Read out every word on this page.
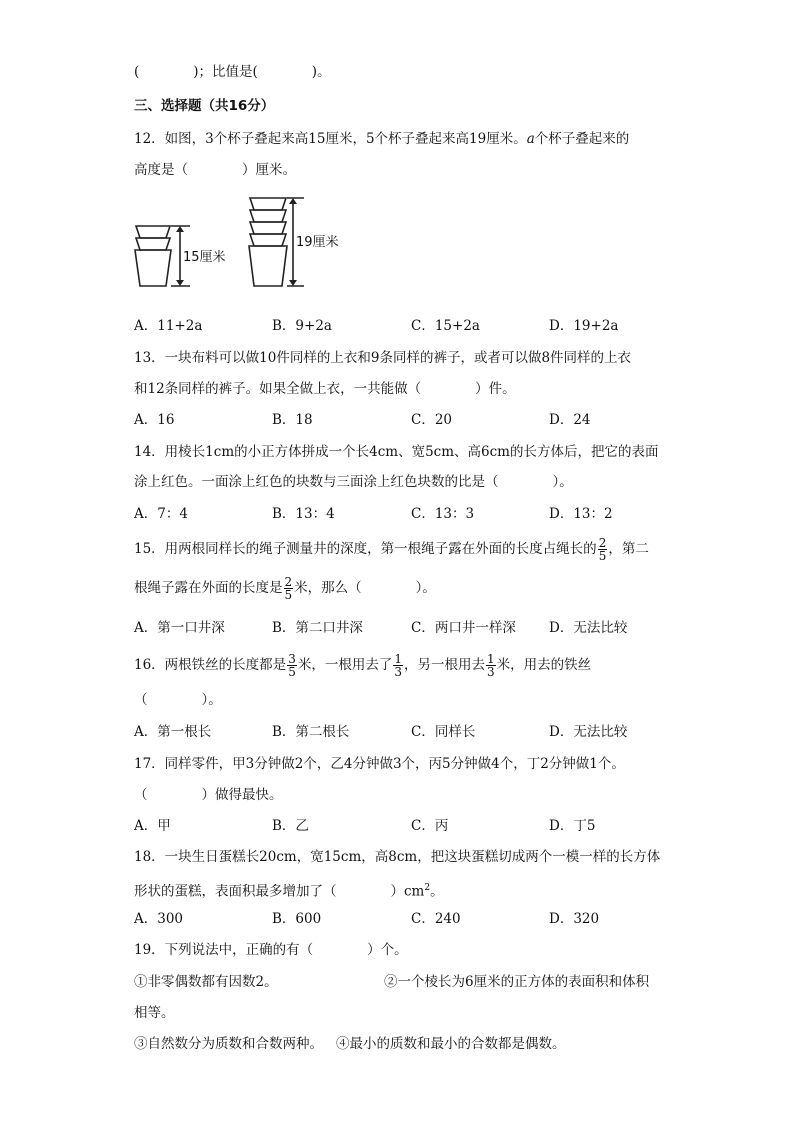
(　　　　)；比值是(　　　　)。
三、选择题（共16分）
12．如图，3个杯子叠起来高15厘米，5个杯子叠起来高19厘米。a个杯子叠起来的
高度是（　　　　）厘米。
15厘米
19厘米
A．11+2a	B．9+2a	C．15+2a	D．19+2a
13．一块布料可以做10件同样的上衣和9条同样的裤子，或者可以做8件同样的上衣
和12条同样的裤子。如果全做上衣，一共能做（　　　　）件。
A．16	B．18	C．20	D．24
14．用棱长1cm的小正方体拼成一个长4cm、宽5cm、高6cm的长方体后，把它的表面
涂上红色。一面涂上红色的块数与三面涂上红色块数的比是（　　　　）。
A．7：4	B．13：4	C．13：3	D．13：2
15．用两根同样长的绳子测量井的深度，第一根绳子露在外面的长度占绳长的 $\frac{2}{5}$ ，第二
根绳子露在外面的长度是 $\frac{2}{5}$ 米，那么（　　　　）。
A．第一口井深	B．第二口井深	C．两口井一样深 D．无法比较
16．两根铁丝的长度都是 $\frac{3}{5}$ 米，一根用去了 $\frac{1}{3}$ ，另一根用去 $\frac{1}{3}$ 米，用去的铁丝
（　　　　）。
A．第一根长	B．第二根长	C．同样长	D．无法比较
17．同样零件，甲3分钟做2个，乙4分钟做3个，丙5分钟做4个，丁2分钟做1个。
（　　　　）做得最快。
A．甲	B．乙	C．丙	D．丁5
18．一块生日蛋糕长20cm，宽15cm，高8cm，把这块蛋糕切成两个一模一样的长方体
形状的蛋糕，表面积最多增加了（　　　　）$cm^2$。
A．300	B．600	C．240	D．320
19．下列说法中，正确的有（　　　　）个。
①非零偶数都有因数2。	②一个棱长为6厘米的正方体的表面积和体积
相等。
③自然数分为质数和合数两种。 ④最小的质数和最小的合数都是偶数。
